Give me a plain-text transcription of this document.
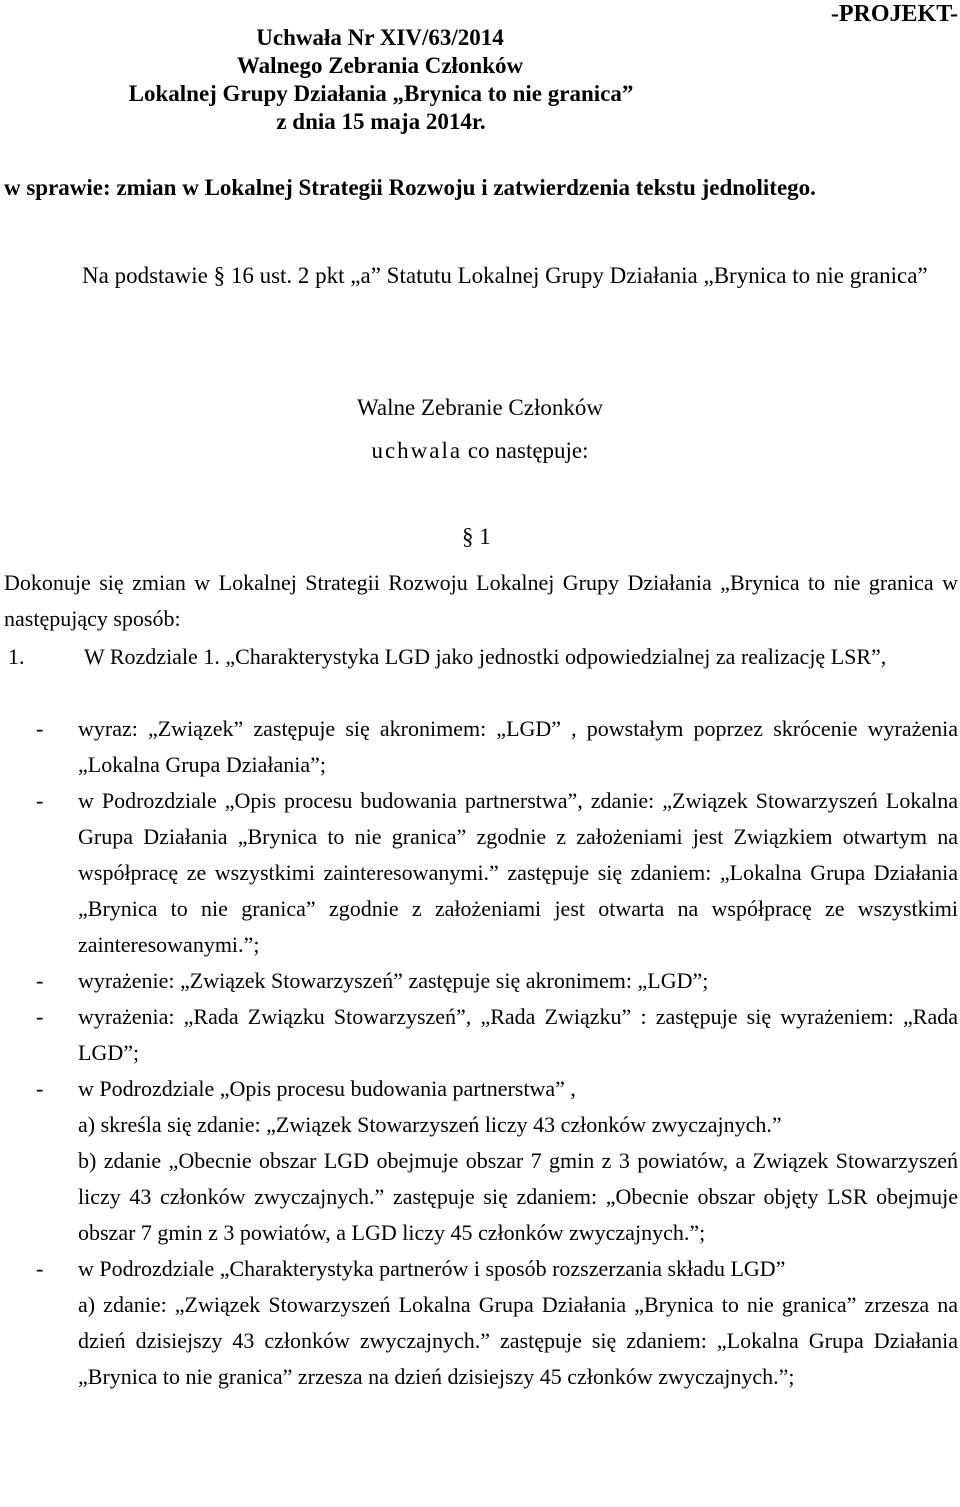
-PROJEKT-
Uchwała Nr XIV/63/2014
Walnego Zebrania Członków
Lokalnej Grupy Działania „Brynica to nie granica”
z dnia 15 maja 2014r.
w sprawie: zmian w Lokalnej Strategii Rozwoju i zatwierdzenia tekstu jednolitego.
Na podstawie § 16 ust. 2 pkt „a” Statutu Lokalnej Grupy Działania „Brynica to nie granica”
Walne Zebranie Członków
uchwala co następuje:
§ 1
Dokonuje się zmian w Lokalnej Strategii Rozwoju Lokalnej Grupy Działania „Brynica to nie granica w następujący sposób:
1.	W Rozdziale 1. „Charakterystyka LGD jako jednostki odpowiedzialnej za realizację LSR”,
- wyraz: „Związek” zastępuje się akronimem: „LGD” , powstałym poprzez skrócenie wyrażenia „Lokalna Grupa Działania”;
- w Podrozdziale „Opis procesu budowania partnerstwa”, zdanie: „Związek Stowarzyszeń Lokalna Grupa Działania „Brynica to nie granica” zgodnie z założeniami jest Związkiem otwartym na współpracę ze wszystkimi zainteresowanymi.” zastępuje się zdaniem: „Lokalna Grupa Działania „Brynica to nie granica” zgodnie z założeniami jest otwarta na współpracę ze wszystkimi zainteresowanymi.”;
- wyrażenie: „Związek Stowarzyszeń” zastępuje się akronimem: „LGD”;
- wyrażenia: „Rada Związku Stowarzyszeń”, „Rada Związku” : zastępuje się wyrażeniem: „Rada LGD”;
- w Podrozdziale „Opis procesu budowania partnerstwa” ,
a) skreśla się zdanie: „Związek Stowarzyszeń liczy 43 członków zwyczajnych.”
b) zdanie „Obecnie obszar LGD obejmuje obszar 7 gmin z 3 powiatów, a Związek Stowarzyszeń liczy 43 członków zwyczajnych.” zastępuje się zdaniem: „Obecnie obszar objęty LSR obejmuje obszar 7 gmin z 3 powiatów, a LGD liczy 45 członków zwyczajnych.”;
- w Podrozdziale „Charakterystyka partnerów i sposób rozszerzania składu LGD”
a) zdanie: „Związek Stowarzyszeń Lokalna Grupa Działania „Brynica to nie granica” zrzesza na dzień dzisiejszy 43 członków zwyczajnych.” zastępuje się zdaniem: „Lokalna Grupa Działania „Brynica to nie granica” zrzesza na dzień dzisiejszy 45 członków zwyczajnych.”;
